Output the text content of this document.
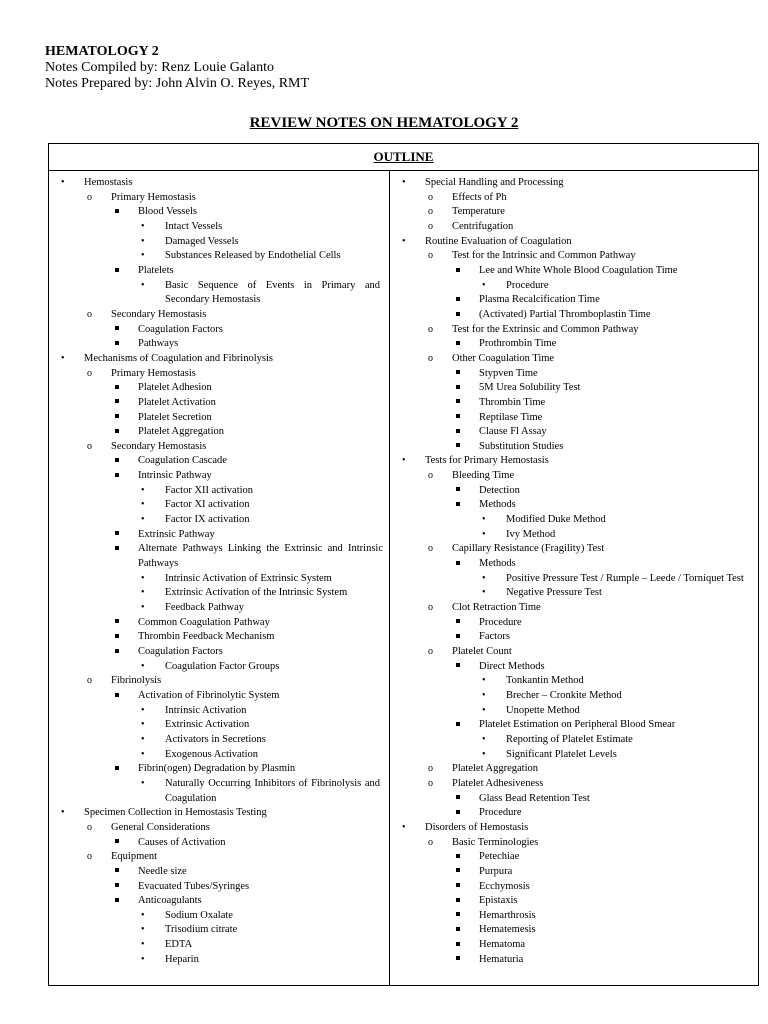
HEMATOLOGY 2
Notes Compiled by: Renz Louie Galanto
Notes Prepared by: John Alvin O. Reyes, RMT
REVIEW NOTES ON HEMATOLOGY 2
OUTLINE
• Hemostasis
o Primary Hemostasis
Blood Vessels
• Intact Vessels
• Damaged Vessels
• Substances Released by Endothelial Cells
Platelets
• Basic Sequence of Events in Primary and Secondary Hemostasis
o Secondary Hemostasis
Coagulation Factors
Pathways
• Mechanisms of Coagulation and Fibrinolysis
o Primary Hemostasis
Platelet Adhesion
Platelet Activation
Platelet Secretion
Platelet Aggregation
o Secondary Hemostasis
Coagulation Cascade
Intrinsic Pathway
• Factor XII activation
• Factor XI activation
• Factor IX activation
Extrinsic Pathway
Alternate Pathways Linking the Extrinsic and Intrinsic Pathways
• Intrinsic Activation of Extrinsic System
• Extrinsic Activation of the Intrinsic System
• Feedback Pathway
Common Coagulation Pathway
Thrombin Feedback Mechanism
Coagulation Factors
• Coagulation Factor Groups
o Fibrinolysis
Activation of Fibrinolytic System
• Intrinsic Activation
• Extrinsic Activation
• Activators in Secretions
• Exogenous Activation
Fibrin(ogen) Degradation by Plasmin
• Naturally Occurring Inhibitors of Fibrinolysis and Coagulation
• Specimen Collection in Hemostasis Testing
o General Considerations
Causes of Activation
o Equipment
Needle size
Evacuated Tubes/Syringes
Anticoagulants
• Sodium Oxalate
• Trisodium citrate
• EDTA
• Heparin
• Special Handling and Processing
o Effects of Ph
o Temperature
o Centrifugation
• Routine Evaluation of Coagulation
o Test for the Intrinsic and Common Pathway
Lee and White Whole Blood Coagulation Time
• Procedure
Plasma Recalcification Time
(Activated) Partial Thromboplastin Time
o Test for the Extrinsic and Common Pathway
Prothrombin Time
o Other Coagulation Time
Stypven Time
5M Urea Solubility Test
Thrombin Time
Reptilase Time
Clause Fl Assay
Substitution Studies
• Tests for Primary Hemostasis
o Bleeding Time
Detection
Methods
• Modified Duke Method
• Ivy Method
o Capillary Resistance (Fragility) Test
Methods
• Positive Pressure Test / Rumple – Leede / Torniquet Test
• Negative Pressure Test
o Clot Retraction Time
Procedure
Factors
o Platelet Count
Direct Methods
• Tonkantin Method
• Brecher – Cronkite Method
• Unopette Method
Platelet Estimation on Peripheral Blood Smear
• Reporting of Platelet Estimate
• Significant Platelet Levels
o Platelet Aggregation
o Platelet Adhesiveness
Glass Bead Retention Test
Procedure
• Disorders of Hemostasis
o Basic Terminologies
Petechiae
Purpura
Ecchymosis
Epistaxis
Hemarthrosis
Hematemesis
Hematoma
Hematuria
